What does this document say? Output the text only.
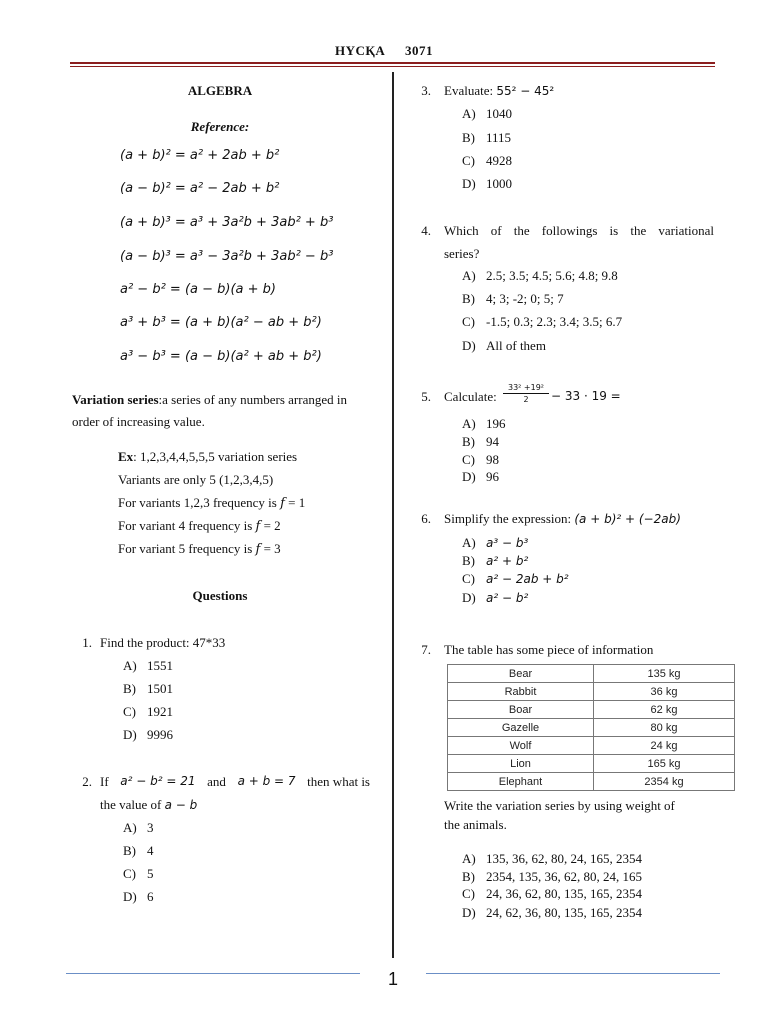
НҮСҚА 3071
ALGEBRA
Reference:
(a + b)² = a² + 2ab + b²
(a − b)² = a² − 2ab + b²
(a + b)³ = a³ + 3a²b + 3ab² + b³
(a − b)³ = a³ − 3a²b + 3ab² − b³
a² − b² = (a − b)(a + b)
a³ + b³ = (a + b)(a² − ab + b²)
a³ − b³ = (a − b)(a² + ab + b²)
Variation series:a series of any numbers arranged in order of increasing value.
Ex: 1,2,3,4,4,5,5,5 variation series
Variants are only 5 (1,2,3,4,5)
For variants 1,2,3 frequency is 𝑓 = 1
For variant 4 frequency is 𝑓 = 2
For variant 5 frequency is 𝑓 = 3
Questions
1. Find the product: 47*33
A) 1551
B) 1501
C) 1921
D) 9996
2. If a² − b² = 21 and a + b = 7 then what is
the value of a − b
A) 3
B) 4
C) 5
D) 6
3. Evaluate: 55² − 45²
A) 1040
B) 1115
C) 4928
D) 1000
4. Which of the followings is the variational
series?
A) 2.5; 3.5; 4.5; 5.6; 4.8; 9.8
B) 4; 3; -2; 0; 5; 7
C) -1.5; 0.3; 2.3; 3.4; 3.5; 6.7
D) All of them
5. Calculate: $\frac{\text{33² +19²}}{2} - 33 \cdot 19$ =
A) 196
B) 94
C) 98
D) 96
6. Simplify the expression: (a + b)² + (−2ab)
A) a³ − b³
B) a² + b²
C) a² − 2ab + b²
D) a² − b²
7. The table has some piece of information
Bear	135 kg
Rabbit	36 kg
Boar	62 kg
Gazelle	80 kg
Wolf	24 kg
Lion	165 kg
Elephant	2354 kg
Write the variation series by using weight of
the animals.
A) 135, 36, 62, 80, 24, 165, 2354
B) 2354, 135, 36, 62, 80, 24, 165
C) 24, 36, 62, 80, 135, 165, 2354
D) 24, 62, 36, 80, 135, 165, 2354
1
